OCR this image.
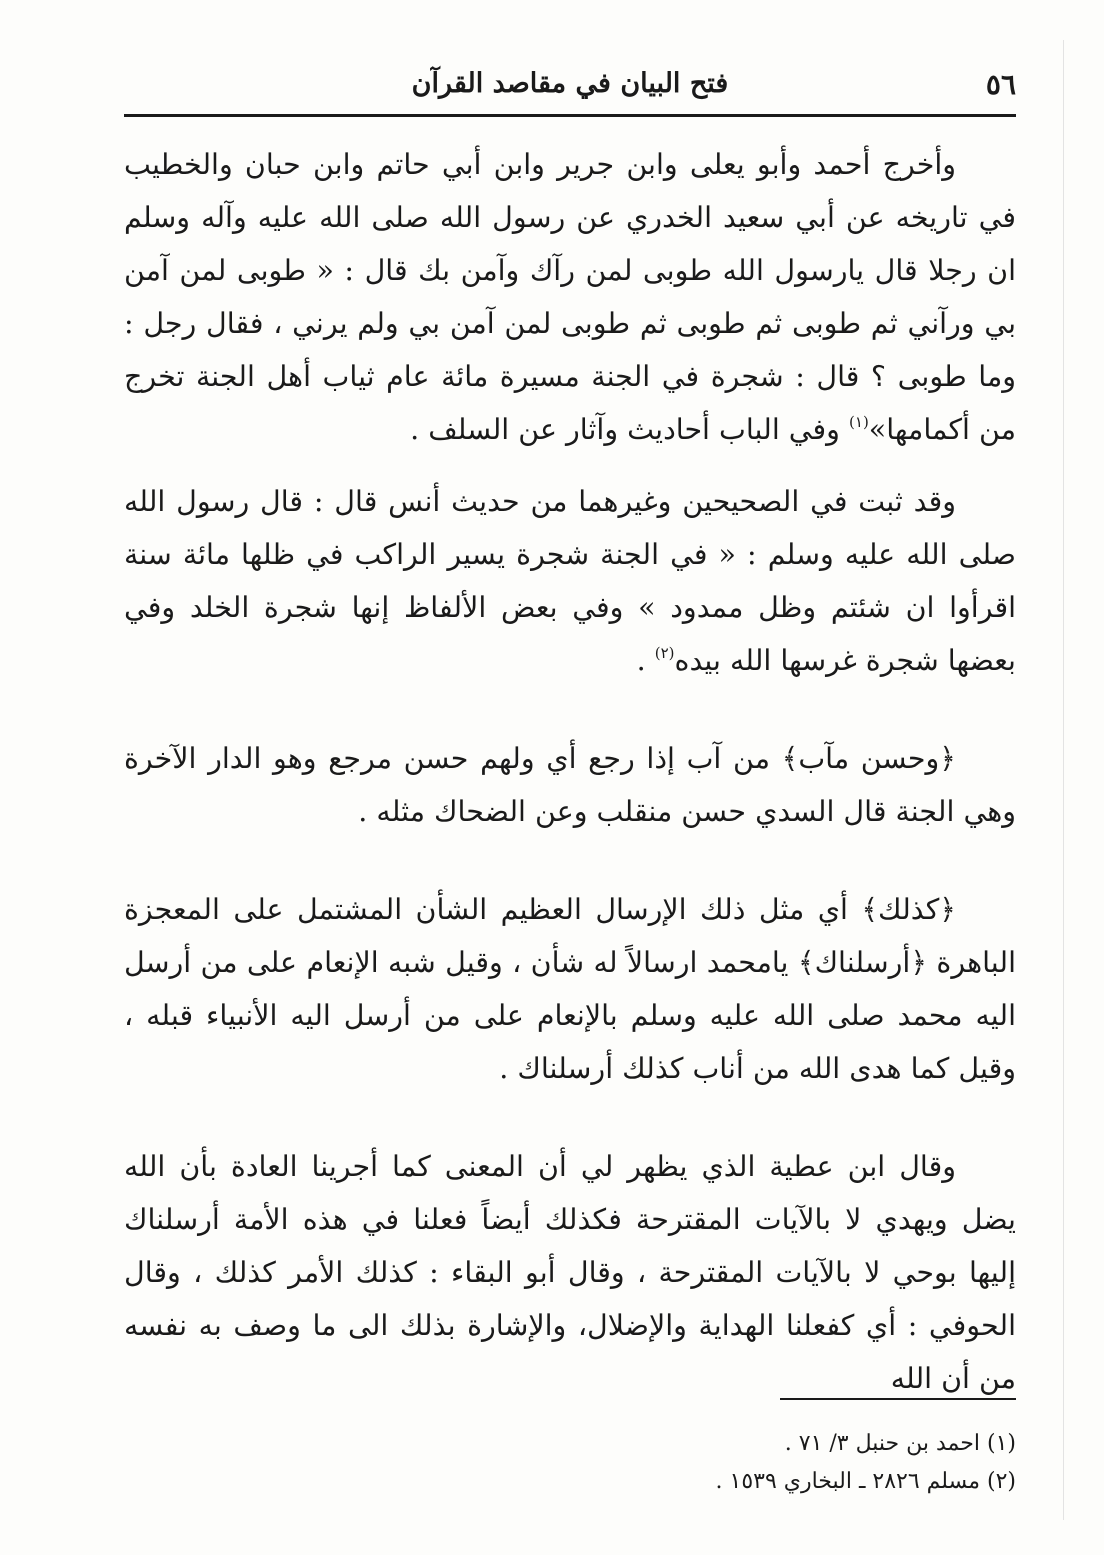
٥٦
فتح البيان في مقاصد القرآن

وأخرج أحمد وأبو يعلى وابن جرير وابن أبي حاتم وابن حبان والخطيب في تاريخه عن أبي سعيد الخدري عن رسول الله صلى الله عليه وآله وسلم ان رجلا قال يارسول الله طوبى لمن رآك وآمن بك قال : « طوبى لمن آمن بي ورآني ثم طوبى ثم طوبى ثم طوبى لمن آمن بي ولم يرني ، فقال رجل : وما طوبى ؟ قال : شجرة في الجنة مسيرة مائة عام ثياب أهل الجنة تخرج من أكمامها»$^{(١)}$ وفي الباب أحاديث وآثار عن السلف .

وقد ثبت في الصحيحين وغيرهما من حديث أنس قال : قال رسول الله صلى الله عليه وسلم : « في الجنة شجرة يسير الراكب في ظلها مائة سنة اقرأوا ان شئتم وظل ممدود » وفي بعض الألفاظ إنها شجرة الخلد وفي بعضها شجرة غرسها الله بيده$^{(٢)}$ .

﴿وحسن مآب﴾ من آب إذا رجع أي ولهم حسن مرجع وهو الدار الآخرة وهي الجنة قال السدي حسن منقلب وعن الضحاك مثله .

﴿كذلك﴾ أي مثل ذلك الإرسال العظيم الشأن المشتمل على المعجزة الباهرة ﴿أرسلناك﴾ يامحمد ارسالاً له شأن ، وقيل شبه الإنعام على من أرسل اليه محمد صلى الله عليه وسلم بالإنعام على من أرسل اليه الأنبياء قبله ، وقيل كما هدى الله من أناب كذلك أرسلناك .

وقال ابن عطية الذي يظهر لي أن المعنى كما أجرينا العادة بأن الله يضل ويهدي لا بالآيات المقترحة فكذلك أيضاً فعلنا في هذه الأمة أرسلناك إليها بوحي لا بالآيات المقترحة ، وقال أبو البقاء : كذلك الأمر كذلك ، وقال الحوفي : أي كفعلنا الهداية والإضلال، والإشارة بذلك الى ما وصف به نفسه من أن الله

(١) احمد بن حنبل ٣/ ٧١ .

(٢) مسلم ٢٨٢٦ ـ البخاري ١٥٣٩ .
